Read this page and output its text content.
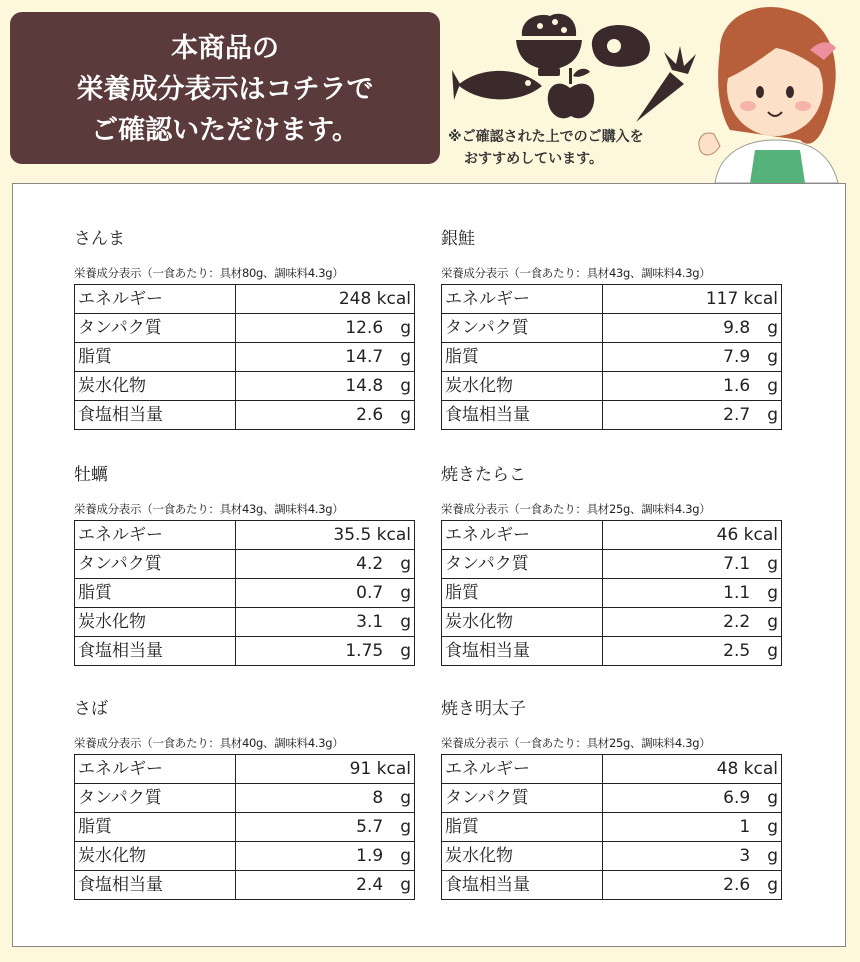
本商品の
栄養成分表示はコチラで
ご確認いただけます。	※ご確認された上でのご購入を
おすすめしています。
さんま
栄養成分表示（一食あたり：具材80g、調味料4.3g）
エネルギー	248 kcal
タンパク質	12.6　g
脂質	14.7　g
炭水化物	14.8　g
食塩相当量	2.6　g
銀鮭
栄養成分表示（一食あたり：具材43g、調味料4.3g）
エネルギー	117 kcal
タンパク質	9.8　g
脂質	7.9　g
炭水化物	1.6　g
食塩相当量	2.7　g
牡蠣
栄養成分表示（一食あたり：具材43g、調味料4.3g）
エネルギー	35.5 kcal
タンパク質	4.2　g
脂質	0.7　g
炭水化物	3.1　g
食塩相当量	1.75　g
焼きたらこ
栄養成分表示（一食あたり：具材25g、調味料4.3g）
エネルギー	46 kcal
タンパク質	7.1　g
脂質	1.1　g
炭水化物	2.2　g
食塩相当量	2.5　g
さば
栄養成分表示（一食あたり：具材40g、調味料4.3g）
エネルギー	91 kcal
タンパク質	8　g
脂質	5.7　g
炭水化物	1.9　g
食塩相当量	2.4　g
焼き明太子
栄養成分表示（一食あたり：具材25g、調味料4.3g）
エネルギー	48 kcal
タンパク質	6.9　g
脂質	1　g
炭水化物	3　g
食塩相当量	2.6　g
